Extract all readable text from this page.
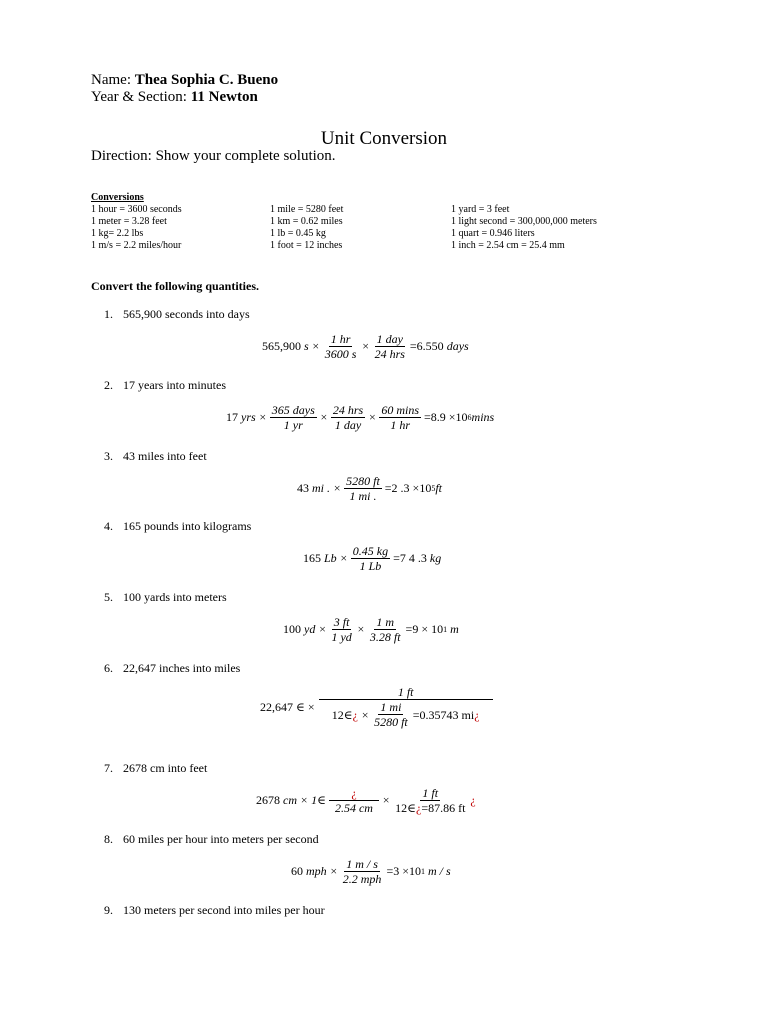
Name: Thea Sophia C. Bueno
Year & Section: 11 Newton
Unit Conversion
Direction: Show your complete solution.
Conversions
1 hour = 3600 seconds
1 meter = 3.28 feet
1 kg= 2.2 lbs
1 m/s = 2.2 miles/hour
1 mile = 5280 feet
1 km = 0.62 miles
1 lb = 0.45 kg
1 foot = 12 inches
1 yard = 3 feet
1 light second = 300,000,000 meters
1 quart = 0.946 liters
1 inch = 2.54 cm = 25.4 mm
Convert the following quantities.
1. 565,900 seconds into days
2. 17 years into minutes
3. 43 miles into feet
4. 165 pounds into kilograms
5. 100 yards into meters
6. 22,647 inches into miles
7. 2678 cm into feet
8. 60 miles per hour into meters per second
9. 130 meters per second into miles per hour
565,900
$s \times \frac{1 hr}{3600 s} \times \frac{\text{1 day}}{\text{24 hrs}} =6.550$
days
17
yrs × $\frac{\text{365 days}}{1 yr} \times \frac{\text{24 hrs}}{\text{1 day}} \times \frac{60 \min s}{1 hr} =8.9 \times 10$ 6 mins
43
mi . × $\frac{5280 ft}{1 mi .} =2$ .3 ×10 5 ft
165
$Lb \times \frac{0.45 kg}{1 Lb} =7$ 4 .3
kg
100
yd × $\frac{3 ft}{1 yd} \times \frac{1 m}{3.28 ft} =9 \times 10$ 1
m
22,647 ∈ × 1 ft
12∈ ¿
× $\frac{1 mi}{5280 ft} =0.35743$ mi ¿
2678
cm × 1∈ $\frac{¿}{2.54 cm} \times \frac{1 ft}{12\in¿=87.86 ft}$ ¿
60
mph × $\frac{1 m / s}{\text{2.2 mph}} =3 \times 10$ 1
m / s
